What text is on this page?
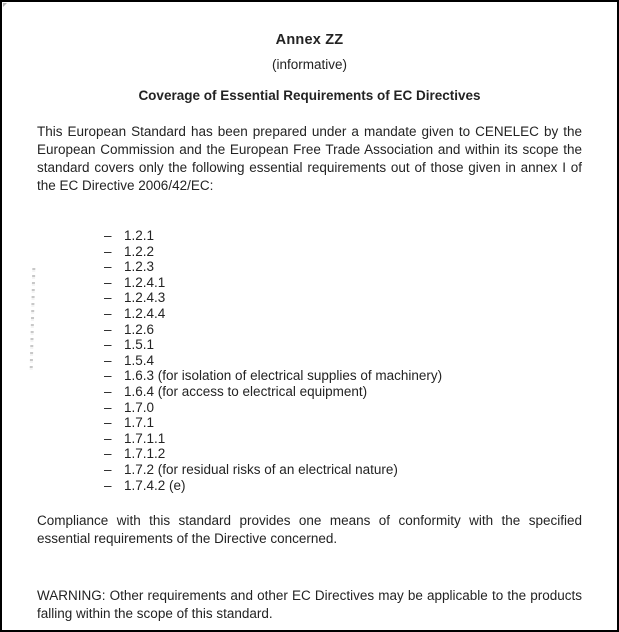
Annex ZZ

(informative)

Coverage of Essential Requirements of EC Directives

This European Standard has been prepared under a mandate given to CENELEC by the European Commission and the European Free Trade Association and within its scope the standard covers only the following essential requirements out of those given in annex I of the EC Directive 2006/42/EC:

– 1.2.1
– 1.2.2
– 1.2.3
– 1.2.4.1
– 1.2.4.3
– 1.2.4.4
– 1.2.6
– 1.5.1
– 1.5.4
– 1.6.3 (for isolation of electrical supplies of machinery)
– 1.6.4 (for access to electrical equipment)
– 1.7.0
– 1.7.1
– 1.7.1.1
– 1.7.1.2
– 1.7.2 (for residual risks of an electrical nature)
– 1.7.4.2 (e)

Compliance with this standard provides one means of conformity with the specified essential requirements of the Directive concerned.

WARNING: Other requirements and other EC Directives may be applicable to the products falling within the scope of this standard.
